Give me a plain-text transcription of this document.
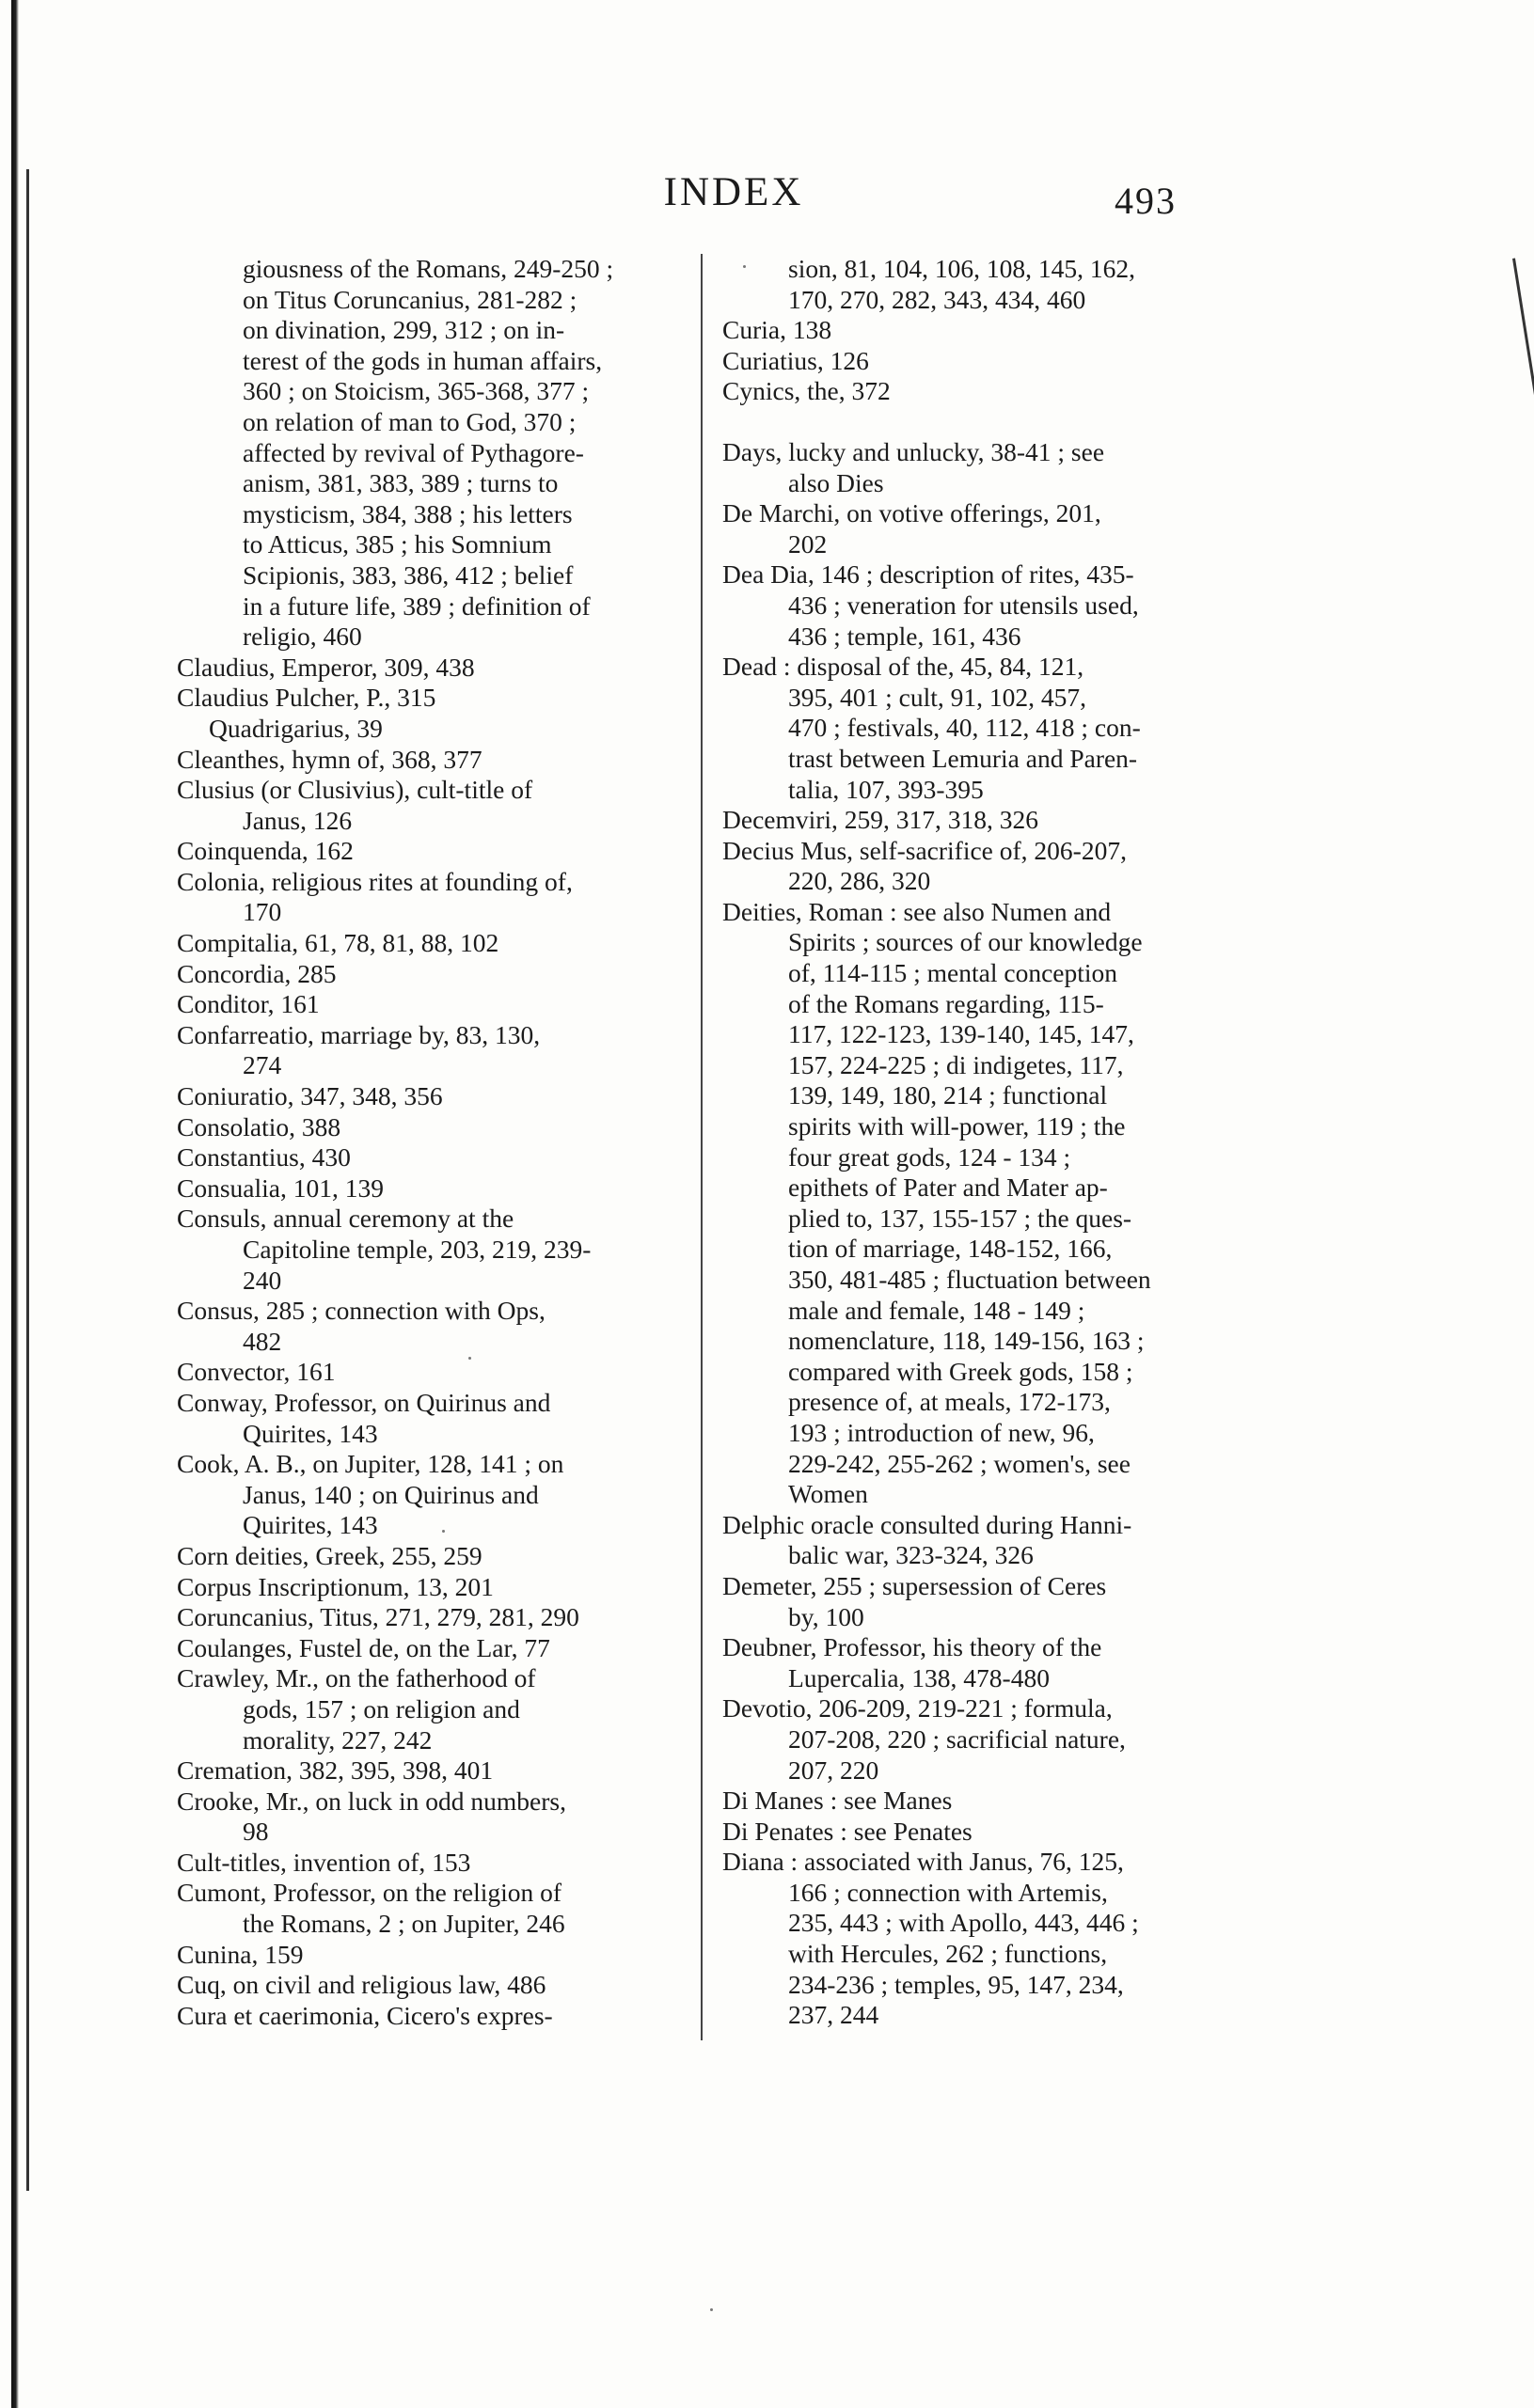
INDEX	493
giousness of the Romans, 249-250 ;
on Titus Coruncanius, 281-282 ;
on divination, 299, 312 ; on in-
terest of the gods in human affairs,
360 ; on Stoicism, 365-368, 377 ;
on relation of man to God, 370 ;
affected by revival of Pythagore-
anism, 381, 383, 389 ; turns to
mysticism, 384, 388 ; his letters
to Atticus, 385 ; his Somnium
Scipionis, 383, 386, 412 ; belief
in a future life, 389 ; definition of
religio, 460
Claudius, Emperor, 309, 438
Claudius Pulcher, P., 315
Quadrigarius, 39
Cleanthes, hymn of, 368, 377
Clusius (or Clusivius), cult-title of
Janus, 126
Coinquenda, 162
Colonia, religious rites at founding of,
170
Compitalia, 61, 78, 81, 88, 102
Concordia, 285
Conditor, 161
Confarreatio, marriage by, 83, 130,
274
Coniuratio, 347, 348, 356
Consolatio, 388
Constantius, 430
Consualia, 101, 139
Consuls, annual ceremony at the
Capitoline temple, 203, 219, 239-
240
Consus, 285 ; connection with Ops,
482
Convector, 161
Conway, Professor, on Quirinus and
Quirites, 143
Cook, A. B., on Jupiter, 128, 141 ; on
Janus, 140 ; on Quirinus and
Quirites, 143
Corn deities, Greek, 255, 259
Corpus Inscriptionum, 13, 201
Coruncanius, Titus, 271, 279, 281, 290
Coulanges, Fustel de, on the Lar, 77
Crawley, Mr., on the fatherhood of
gods, 157 ; on religion and
morality, 227, 242
Cremation, 382, 395, 398, 401
Crooke, Mr., on luck in odd numbers,
98
Cult-titles, invention of, 153
Cumont, Professor, on the religion of
the Romans, 2 ; on Jupiter, 246
Cunina, 159
Cuq, on civil and religious law, 486
Cura et caerimonia, Cicero's expres-
sion, 81, 104, 106, 108, 145, 162,
170, 270, 282, 343, 434, 460
Curia, 138
Curiatius, 126
Cynics, the, 372
Days, lucky and unlucky, 38-41 ; see
also Dies
De Marchi, on votive offerings, 201,
202
Dea Dia, 146 ; description of rites, 435-
436 ; veneration for utensils used,
436 ; temple, 161, 436
Dead : disposal of the, 45, 84, 121,
395, 401 ; cult, 91, 102, 457,
470 ; festivals, 40, 112, 418 ; con-
trast between Lemuria and Paren-
talia, 107, 393-395
Decemviri, 259, 317, 318, 326
Decius Mus, self-sacrifice of, 206-207,
220, 286, 320
Deities, Roman : see also Numen and
Spirits ; sources of our knowledge
of, 114-115 ; mental conception
of the Romans regarding, 115-
117, 122-123, 139-140, 145, 147,
157, 224-225 ; di indigetes, 117,
139, 149, 180, 214 ; functional
spirits with will-power, 119 ; the
four great gods, 124 - 134 ;
epithets of Pater and Mater ap-
plied to, 137, 155-157 ; the ques-
tion of marriage, 148-152, 166,
350, 481-485 ; fluctuation between
male and female, 148 - 149 ;
nomenclature, 118, 149-156, 163 ;
compared with Greek gods, 158 ;
presence of, at meals, 172-173,
193 ; introduction of new, 96,
229-242, 255-262 ; women's, see
Women
Delphic oracle consulted during Hanni-
balic war, 323-324, 326
Demeter, 255 ; supersession of Ceres
by, 100
Deubner, Professor, his theory of the
Lupercalia, 138, 478-480
Devotio, 206-209, 219-221 ; formula,
207-208, 220 ; sacrificial nature,
207, 220
Di Manes : see Manes
Di Penates : see Penates
Diana : associated with Janus, 76, 125,
166 ; connection with Artemis,
235, 443 ; with Apollo, 443, 446 ;
with Hercules, 262 ; functions,
234-236 ; temples, 95, 147, 234,
237, 244
